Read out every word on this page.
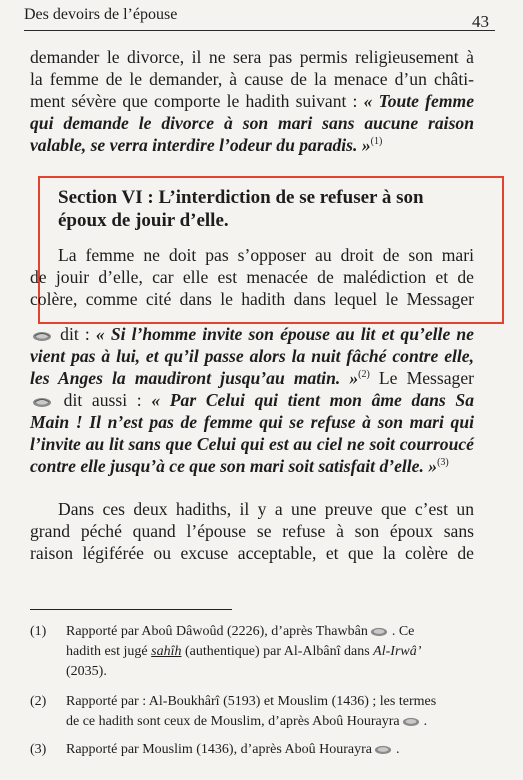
Des devoirs de l’épouse	43
demander le divorce, il ne sera pas permis religieusement à
la femme de le demander, à cause de la menace d’un châti-
ment sévère que comporte le hadith suivant : « Toute femme
qui demande le divorce à son mari sans aucune raison
valable, se verra interdire l’odeur du paradis. »$^{(1)}$
Section VI : L’interdiction de se refuser à son
époux de jouir d’elle.
La femme ne doit pas s’opposer au droit de son mari
de jouir d’elle, car elle est menacée de malédiction et de
colère, comme cité dans le hadith dans lequel le Messager
dit : « Si l’homme invite son épouse au lit et qu’elle ne
vient pas à lui, et qu’il passe alors la nuit fâché contre elle,
les Anges la maudiront jusqu’au matin. »$^{(2)}$ Le Messager
dit aussi : « Par Celui qui tient mon âme dans Sa
Main ! Il n’est pas de femme qui se refuse à son mari qui
l’invite au lit sans que Celui qui est au ciel ne soit courroucé
contre elle jusqu’à ce que son mari soit satisfait d’elle. »$^{(3)}$
Dans ces deux hadiths, il y a une preuve que c’est un
grand péché quand l’épouse se refuse à son époux sans
raison légiférée ou excuse acceptable, et que la colère de
(1) Rapporté par Aboû Dâwoûd (2226), d’après Thawbân . Ce
hadith est jugé sahîh (authentique) par Al-Albânî dans Al-Irwâ’
(2035).
(2) Rapporté par : Al-Boukhârî (5193) et Mouslim (1436) ; les termes
de ce hadith sont ceux de Mouslim, d’après Aboû Hourayra .
(3) Rapporté par Mouslim (1436), d’après Aboû Hourayra .
